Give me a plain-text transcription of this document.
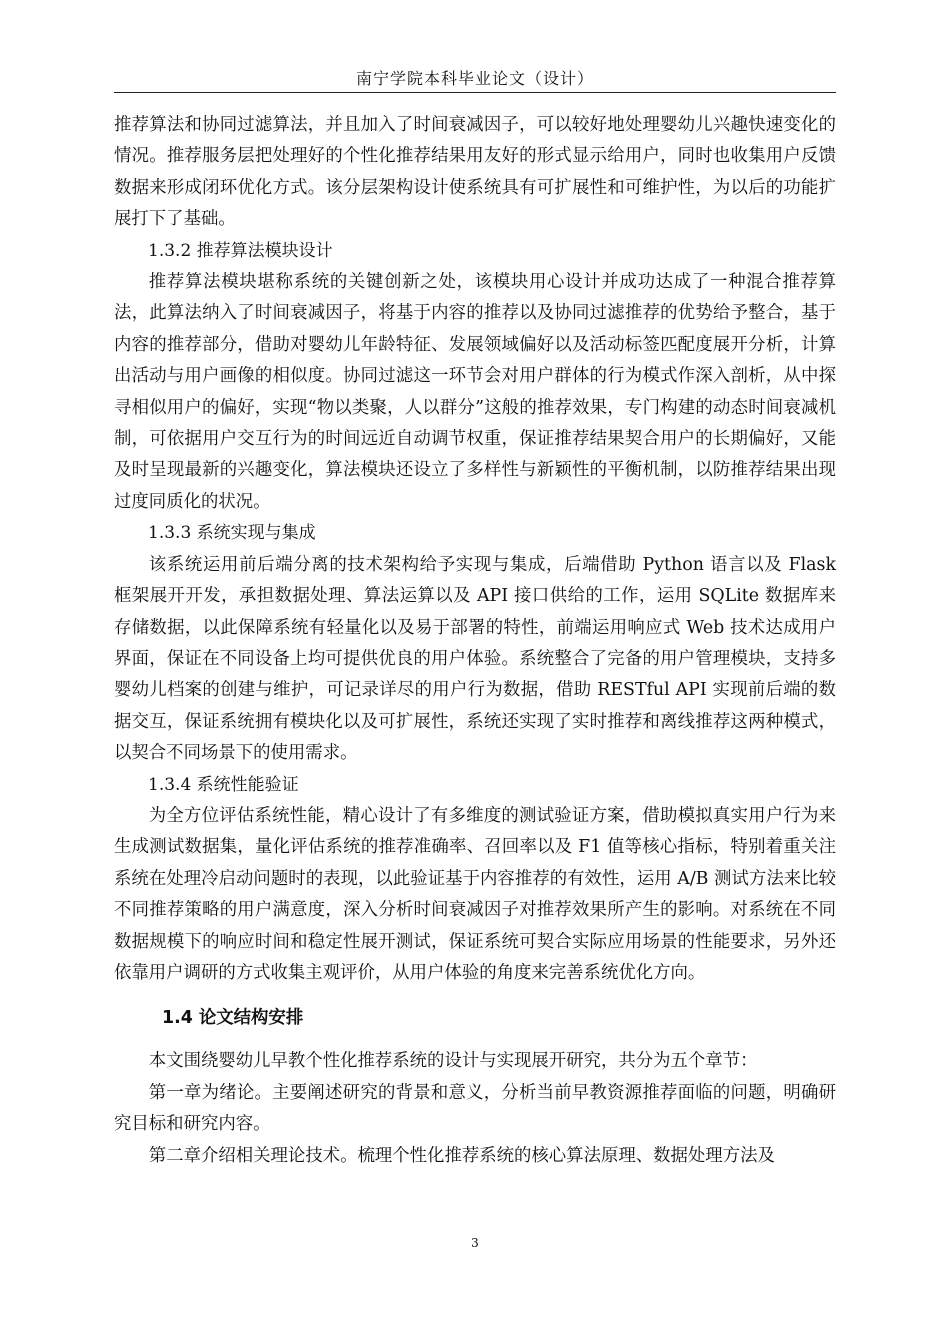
南宁学院本科毕业论文（设计）

推荐算法和协同过滤算法，并且加入了时间衰减因子，可以较好地处理婴幼儿兴趣快速变化的情况。推荐服务层把处理好的个性化推荐结果用友好的形式显示给用户，同时也收集用户反馈数据来形成闭环优化方式。该分层架构设计使系统具有可扩展性和可维护性，为以后的功能扩展打下了基础。

1.3.2 推荐算法模块设计

推荐算法模块堪称系统的关键创新之处，该模块用心设计并成功达成了一种混合推荐算法，此算法纳入了时间衰减因子，将基于内容的推荐以及协同过滤推荐的优势给予整合，基于内容的推荐部分，借助对婴幼儿年龄特征、发展领域偏好以及活动标签匹配度展开分析，计算出活动与用户画像的相似度。协同过滤这一环节会对用户群体的行为模式作深入剖析，从中探寻相似用户的偏好，实现“物以类聚，人以群分”这般的推荐效果，专门构建的动态时间衰减机制，可依据用户交互行为的时间远近自动调节权重，保证推荐结果契合用户的长期偏好，又能及时呈现最新的兴趣变化，算法模块还设立了多样性与新颖性的平衡机制，以防推荐结果出现过度同质化的状况。

1.3.3 系统实现与集成

该系统运用前后端分离的技术架构给予实现与集成，后端借助 Python 语言以及 Flask 框架展开开发，承担数据处理、算法运算以及 API 接口供给的工作，运用 SQLite 数据库来存储数据，以此保障系统有轻量化以及易于部署的特性，前端运用响应式 Web 技术达成用户界面，保证在不同设备上均可提供优良的用户体验。系统整合了完备的用户管理模块，支持多婴幼儿档案的创建与维护，可记录详尽的用户行为数据，借助 RESTful API 实现前后端的数据交互，保证系统拥有模块化以及可扩展性，系统还实现了实时推荐和离线推荐这两种模式，以契合不同场景下的使用需求。

1.3.4 系统性能验证

为全方位评估系统性能，精心设计了有多维度的测试验证方案，借助模拟真实用户行为来生成测试数据集，量化评估系统的推荐准确率、召回率以及 F1 值等核心指标，特别着重关注系统在处理冷启动问题时的表现，以此验证基于内容推荐的有效性，运用 A/B 测试方法来比较不同推荐策略的用户满意度，深入分析时间衰减因子对推荐效果所产生的影响。对系统在不同数据规模下的响应时间和稳定性展开测试，保证系统可契合实际应用场景的性能要求，另外还依靠用户调研的方式收集主观评价，从用户体验的角度来完善系统优化方向。

1.4 论文结构安排

本文围绕婴幼儿早教个性化推荐系统的设计与实现展开研究，共分为五个章节：

第一章为绪论。主要阐述研究的背景和意义，分析当前早教资源推荐面临的问题，明确研究目标和研究内容。

第二章介绍相关理论技术。梳理个性化推荐系统的核心算法原理、数据处理方法及

3
